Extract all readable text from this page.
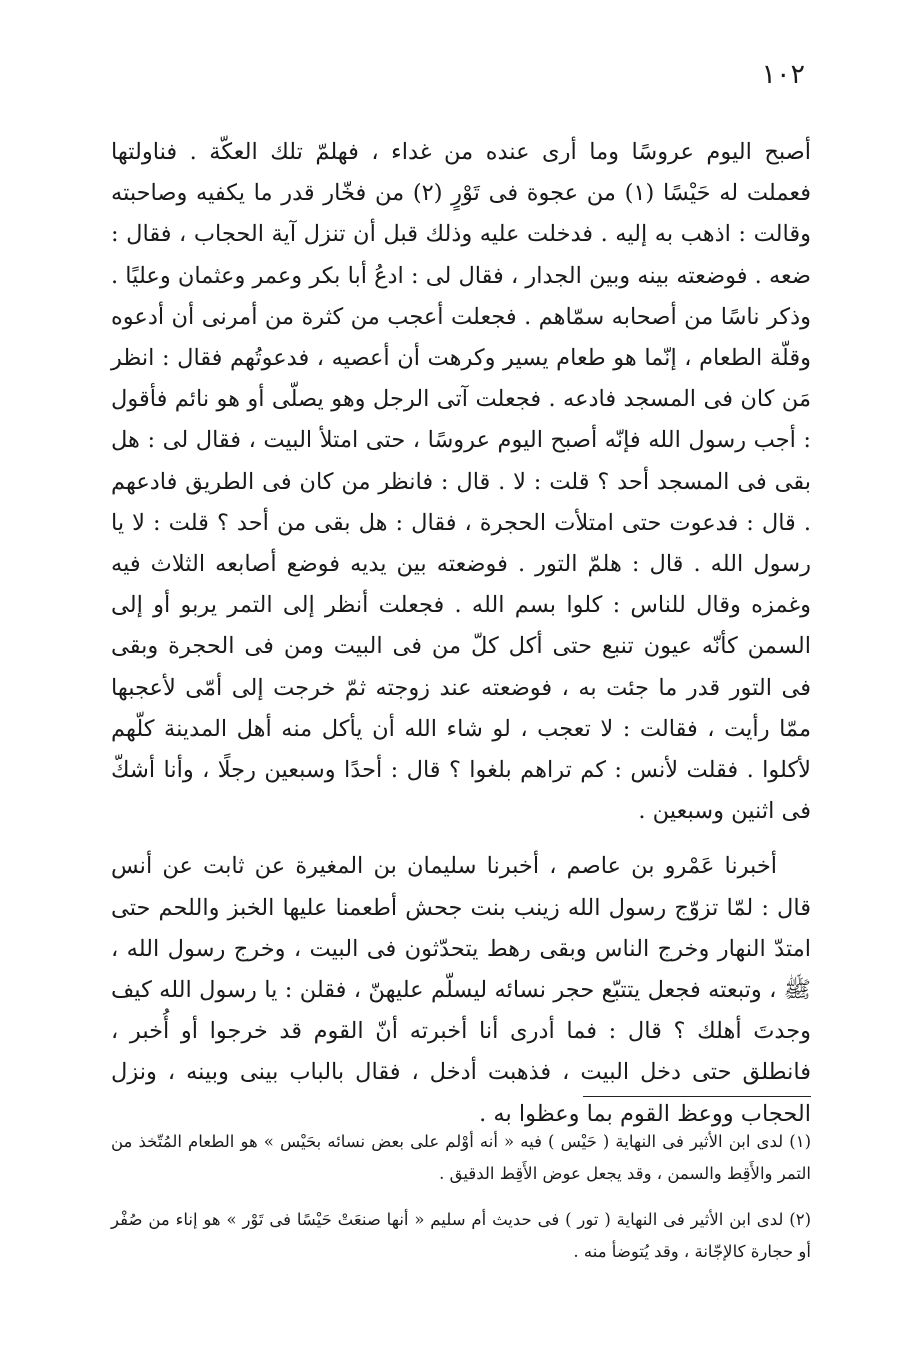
١٠٢

أصبح اليوم عروسًا وما أرى عنده من غداء ، فهلمّ تلك العكّة . فناولتها فعملت له حَيْسًا (١) من عجوة فى تَوْرٍ (٢) من فخّار قدر ما يكفيه وصاحبته وقالت : اذهب به إليه . فدخلت عليه وذلك قبل أن تنزل آية الحجاب ، فقال : ضعه . فوضعته بينه وبين الجدار ، فقال لى : ادعُ أبا بكر وعمر وعثمان وعليًا . وذكر ناسًا من أصحابه سمّاهم . فجعلت أعجب من كثرة من أمرنى أن أدعوه وقلّة الطعام ، إنّما هو طعام يسير وكرهت أن أعصيه ، فدعوتُهم فقال : انظر مَن كان فى المسجد فادعه . فجعلت آتى الرجل وهو يصلّى أو هو نائم فأقول : أجب رسول الله فإنّه أصبح اليوم عروسًا ، حتى امتلأ البيت ، فقال لى : هل بقى فى المسجد أحد ؟ قلت : لا . قال : فانظر من كان فى الطريق فادعهم . قال : فدعوت حتى امتلأت الحجرة ، فقال : هل بقى من أحد ؟ قلت : لا يا رسول الله . قال : هلمّ التور . فوضعته بين يديه فوضع أصابعه الثلاث فيه وغمزه وقال للناس : كلوا بسم الله . فجعلت أنظر إلى التمر يربو أو إلى السمن كأنّه عيون تنبع حتى أكل كلّ من فى البيت ومن فى الحجرة وبقى فى التور قدر ما جئت به ، فوضعته عند زوجته ثمّ خرجت إلى أمّى لأعجبها ممّا رأيت ، فقالت : لا تعجب ، لو شاء الله أن يأكل منه أهل المدينة كلّهم لأكلوا . فقلت لأنس : كم تراهم بلغوا ؟ قال : أحدًا وسبعين رجلًا ، وأنا أشكّ فى اثنين وسبعين .

أخبرنا عَمْرو بن عاصم ، أخبرنا سليمان بن المغيرة عن ثابت عن أنس قال : لمّا تزوّج رسول الله زينب بنت جحش أطعمنا عليها الخبز واللحم حتى امتدّ النهار وخرج الناس وبقى رهط يتحدّثون فى البيت ، وخرج رسول الله ، ﷺ ، وتبعته فجعل يتتبّع حجر نسائه ليسلّم عليهنّ ، فقلن : يا رسول الله كيف وجدتَ أهلك ؟ قال : فما أدرى أنا أخبرته أنّ القوم قد خرجوا أو أُخبر ، فانطلق حتى دخل البيت ، فذهبت أدخل ، فقال بالباب بينى وبينه ، ونزل الحجاب ووعظ القوم بما وعظوا به .

(١) لدى ابن الأثير فى النهاية ( حَيْس ) فيه « أنه أوْلم على بعض نسائه بحَيْس » هو الطعام المُتّخذ من التمر والأَقِط والسمن ، وقد يجعل عوض الأَقِط الدقيق .

(٢) لدى ابن الأثير فى النهاية ( تور ) فى حديث أم سليم « أنها صنعَتْ حَيْسًا فى تَوْر » هو إناء من صُفْر أو حجارة كالإجّانة ، وقد يُتوضأ منه .
